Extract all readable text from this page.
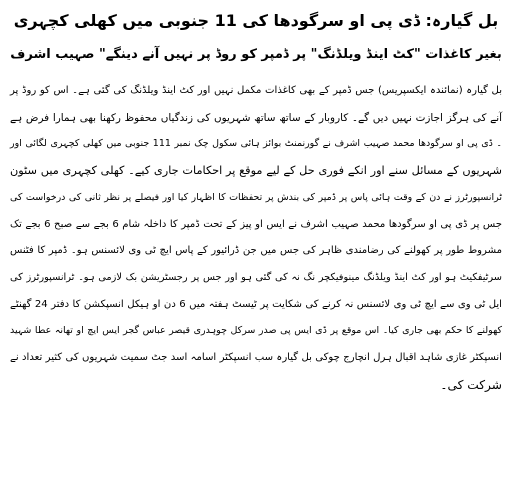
بل گیارہ: ڈی پی او سرگودھا کی 11 جنوبی میں کھلی کچہری
بغیر کاغذات "کٹ اینڈ ویلڈنگ" پر ڈمپر کو روڈ پر نہیں آنے دینگے" صہیب اشرف
بل گیارہ (نمائندہ ایکسپریس) جس ڈمپر کے بھی کاغذات مکمل نہیں اور کٹ اینڈ ویلڈنگ کی گئی ہے۔ اس کو روڈ پر
آنے کی ہرگز اجازت نہیں دیں گے۔ کاروبار کے ساتھ ساتھ شہریوں کی زندگیاں محفوظ رکھنا بھی ہمارا فرض ہے
۔ ڈی پی او سرگودھا محمد صہیب اشرف نے گورنمنٹ بوائز ہائی سکول چک نمبر 111 جنوبی میں کھلی کچہری لگائی اور
شہریوں کے مسائل سنے اور انکے فوری حل کے لیے موقع پر احکامات جاری کیے۔ کھلی کچہری میں سٹون
ٹرانسپورٹرز نے دن کے وقت ہائی پاس پر ڈمپر کی بندش پر تحفظات کا اظہار کیا اور فیصلے پر نظر ثانی کی درخواست کی
جس پر ڈی پی او سرگودھا محمد صہیب اشرف نے ایس او پیز کے تحت ڈمپر کا داخلہ شام 6 بجے سے صبح 6 بجے تک
مشروط طور پر کھولنے کی رضامندی ظاہر کی جس میں جن ڈرائیور کے پاس ایچ ٹی وی لائسنس ہو۔ ڈمپر کا فٹنس
سرٹیفکیٹ ہو اور کٹ اینڈ ویلڈنگ مینوفیکچر نگ نہ کی گئی ہو اور جس پر رجسٹریشن بک لازمی ہو۔ ٹرانسپورٹرز کی
ایل ٹی وی سے ایچ ٹی وی لائسنس نہ کرنے کی شکایت پر ٹیسٹ ہفتہ میں 6 دن او ہیکل انسپکشن کا دفتر 24 گھنٹے
کھولنے کا حکم بھی جاری کیا۔ اس موقع پر ڈی ایس پی صدر سرکل چوہدری قیصر عباس گجر ایس ایچ او تھانہ عطا شہید
انسپکٹر غازی شاہد اقبال ہرل انچارج چوکی بل گیارہ سب انسپکٹر اسامہ اسد جٹ سمیت شہریوں کی کثیر تعداد نے
شرکت کی۔
